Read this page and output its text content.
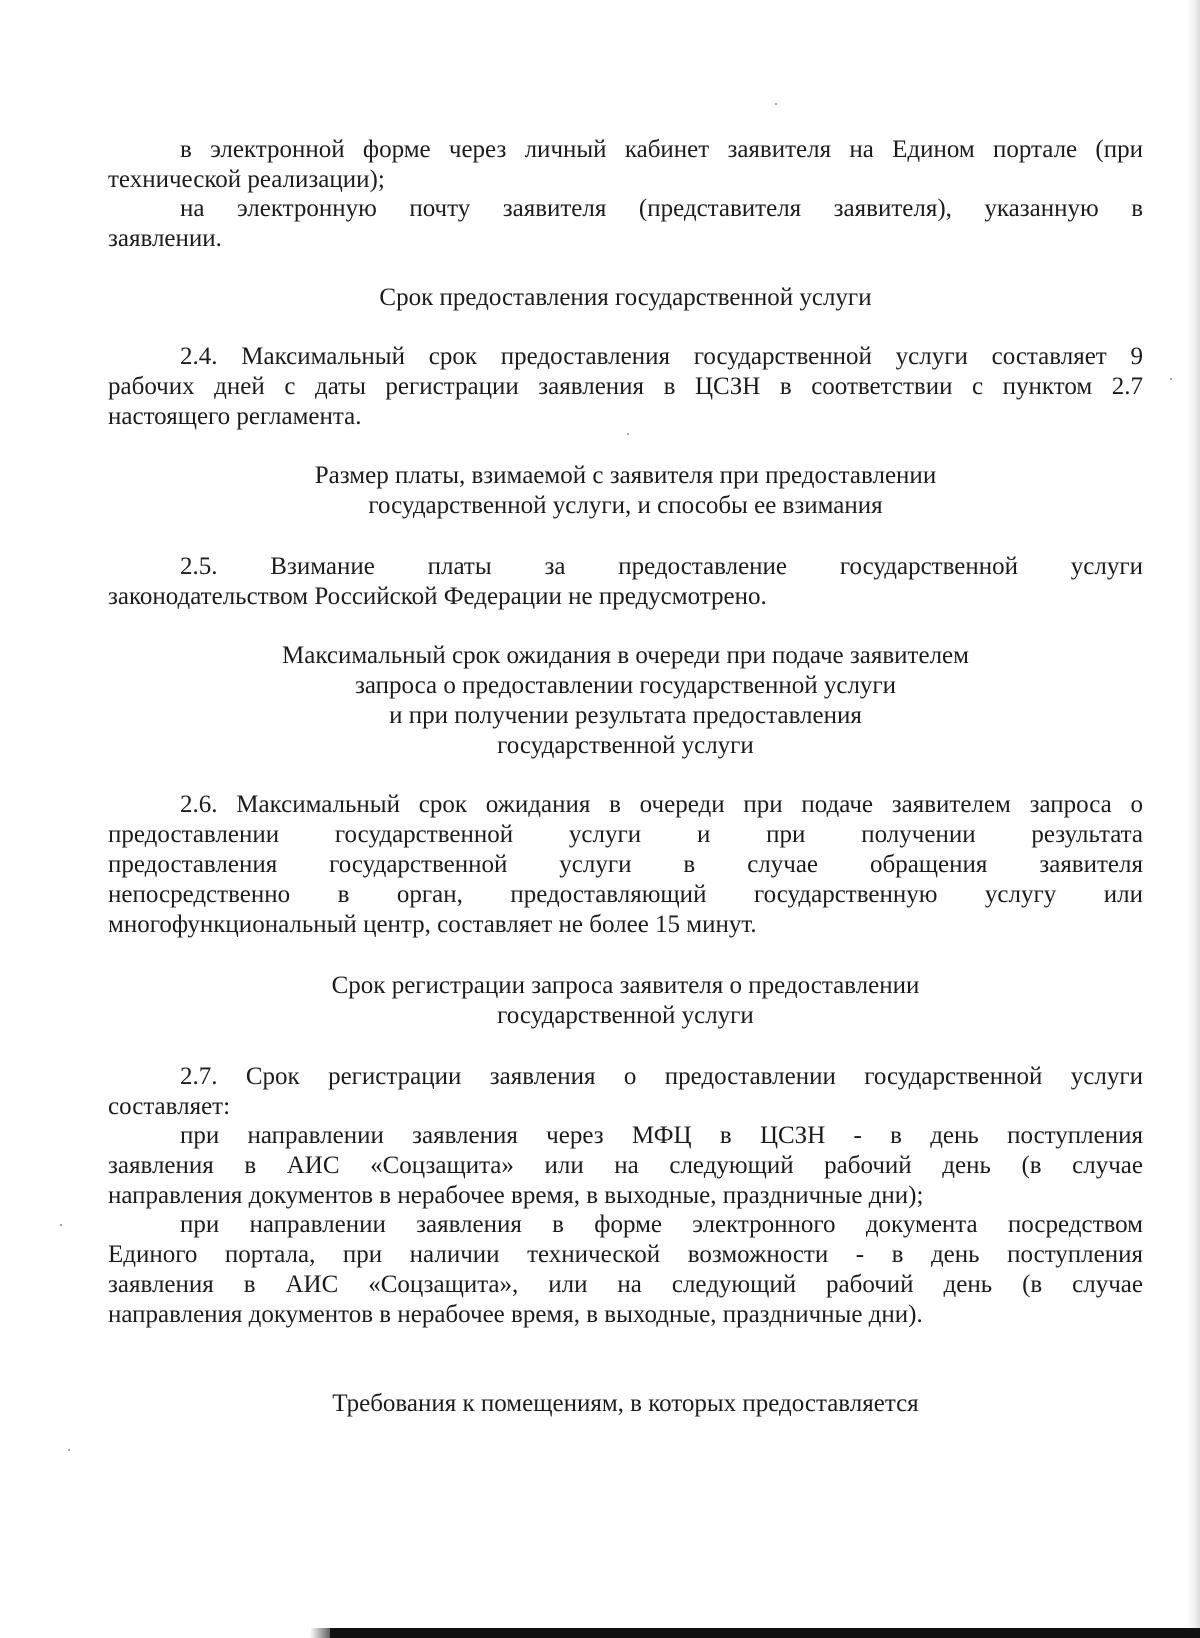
в электронной форме через личный кабинет заявителя на Едином портале (при
технической реализации);
на электронную почту заявителя (представителя заявителя), указанную в
заявлении.
Срок предоставления государственной услуги
2.4. Максимальный срок предоставления государственной услуги составляет 9
рабочих дней с даты регистрации заявления в ЦСЗН в соответствии с пунктом 2.7
настоящего регламента.
Размер платы, взимаемой с заявителя при предоставлении
государственной услуги, и способы ее взимания
2.5. Взимание платы за предоставление государственной услуги
законодательством Российской Федерации не предусмотрено.
Максимальный срок ожидания в очереди при подаче заявителем
запроса о предоставлении государственной услуги
и при получении результата предоставления
государственной услуги
2.6. Максимальный срок ожидания в очереди при подаче заявителем запроса о
предоставлении государственной услуги и при получении результата
предоставления государственной услуги в случае обращения заявителя
непосредственно в орган, предоставляющий государственную услугу или
многофункциональный центр, составляет не более 15 минут.
Срок регистрации запроса заявителя о предоставлении
государственной услуги
2.7. Срок регистрации заявления о предоставлении государственной услуги
составляет:
при направлении заявления через МФЦ в ЦСЗН - в день поступления
заявления в АИС «Соцзащита» или на следующий рабочий день (в случае
направления документов в нерабочее время, в выходные, праздничные дни);
при направлении заявления в форме электронного документа посредством
Единого портала, при наличии технической возможности - в день поступления
заявления в АИС «Соцзащита», или на следующий рабочий день (в случае
направления документов в нерабочее время, в выходные, праздничные дни).
Требования к помещениям, в которых предоставляется
